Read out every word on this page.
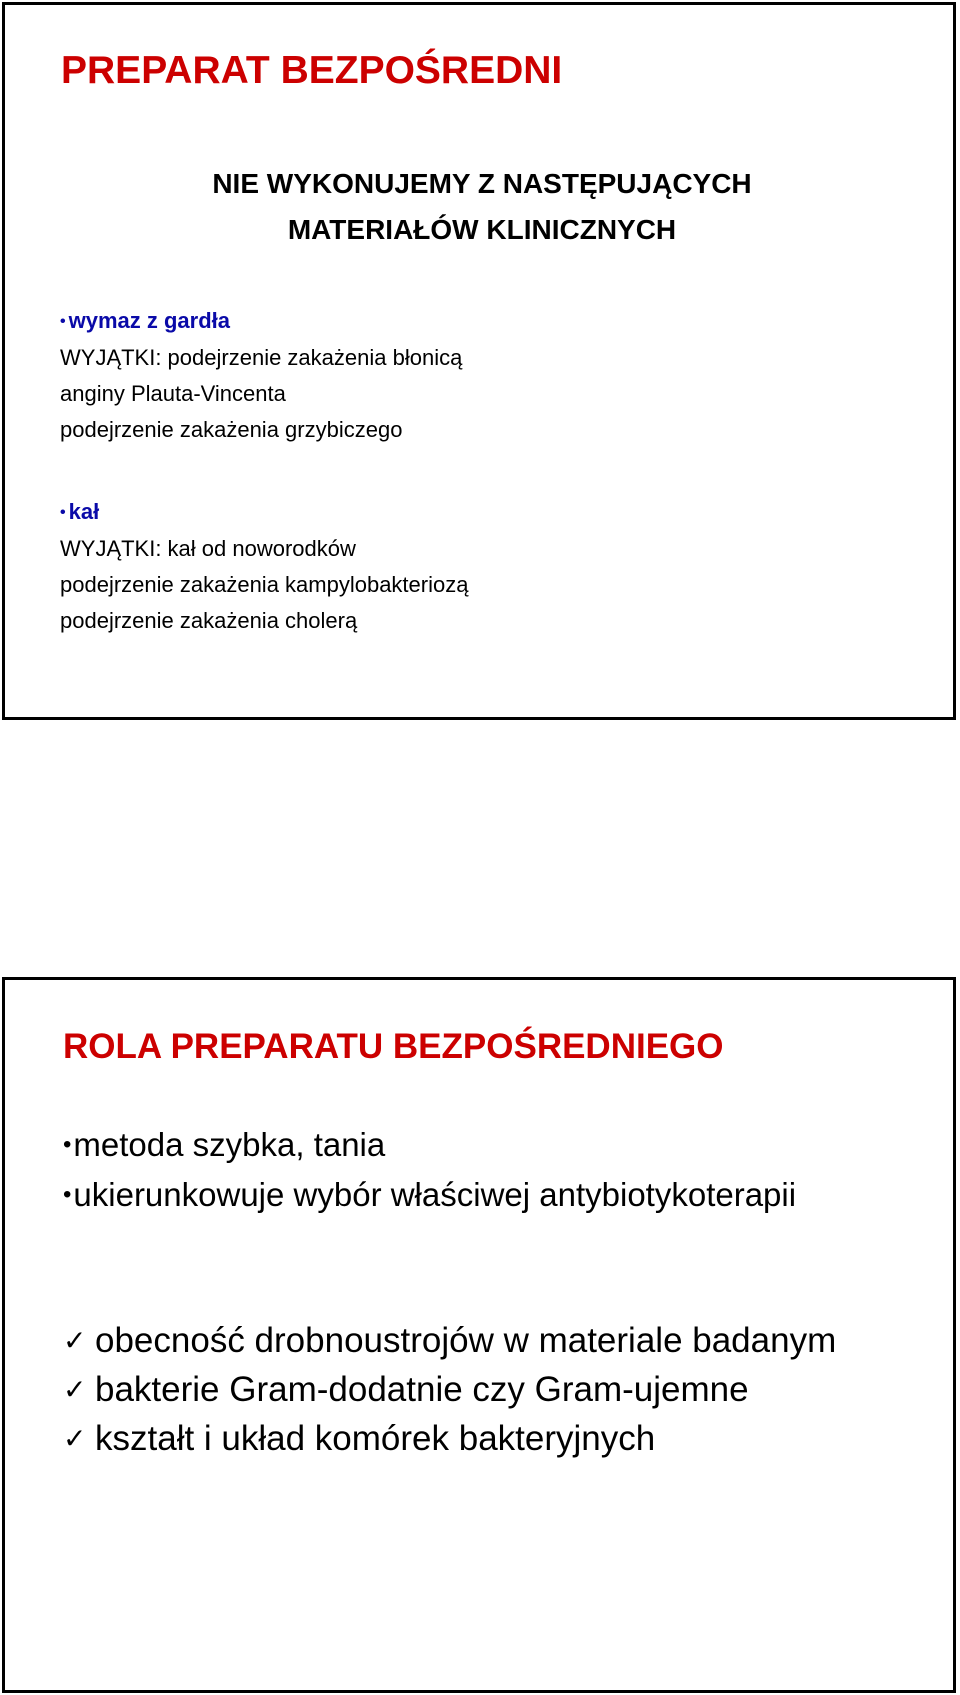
PREPARAT BEZPOŚREDNI
NIE WYKONUJEMY Z NASTĘPUJĄCYCH
MATERIAŁÓW KLINICZNYCH
• wymaz z gardła
WYJĄTKI: podejrzenie zakażenia błonicą
anginy Plauta-Vincenta
podejrzenie zakażenia grzybiczego
• kał
WYJĄTKI: kał od noworodków
podejrzenie zakażenia kampylobakteriozą
podejrzenie zakażenia cholerą
ROLA PREPARATU BEZPOŚREDNIEGO
•metoda szybka, tania
•ukierunkowuje wybór właściwej antybiotykoterapii
✓ obecność drobnoustrojów w materiale badanym
✓ bakterie Gram-dodatnie czy Gram-ujemne
✓ kształt i układ komórek bakteryjnych
